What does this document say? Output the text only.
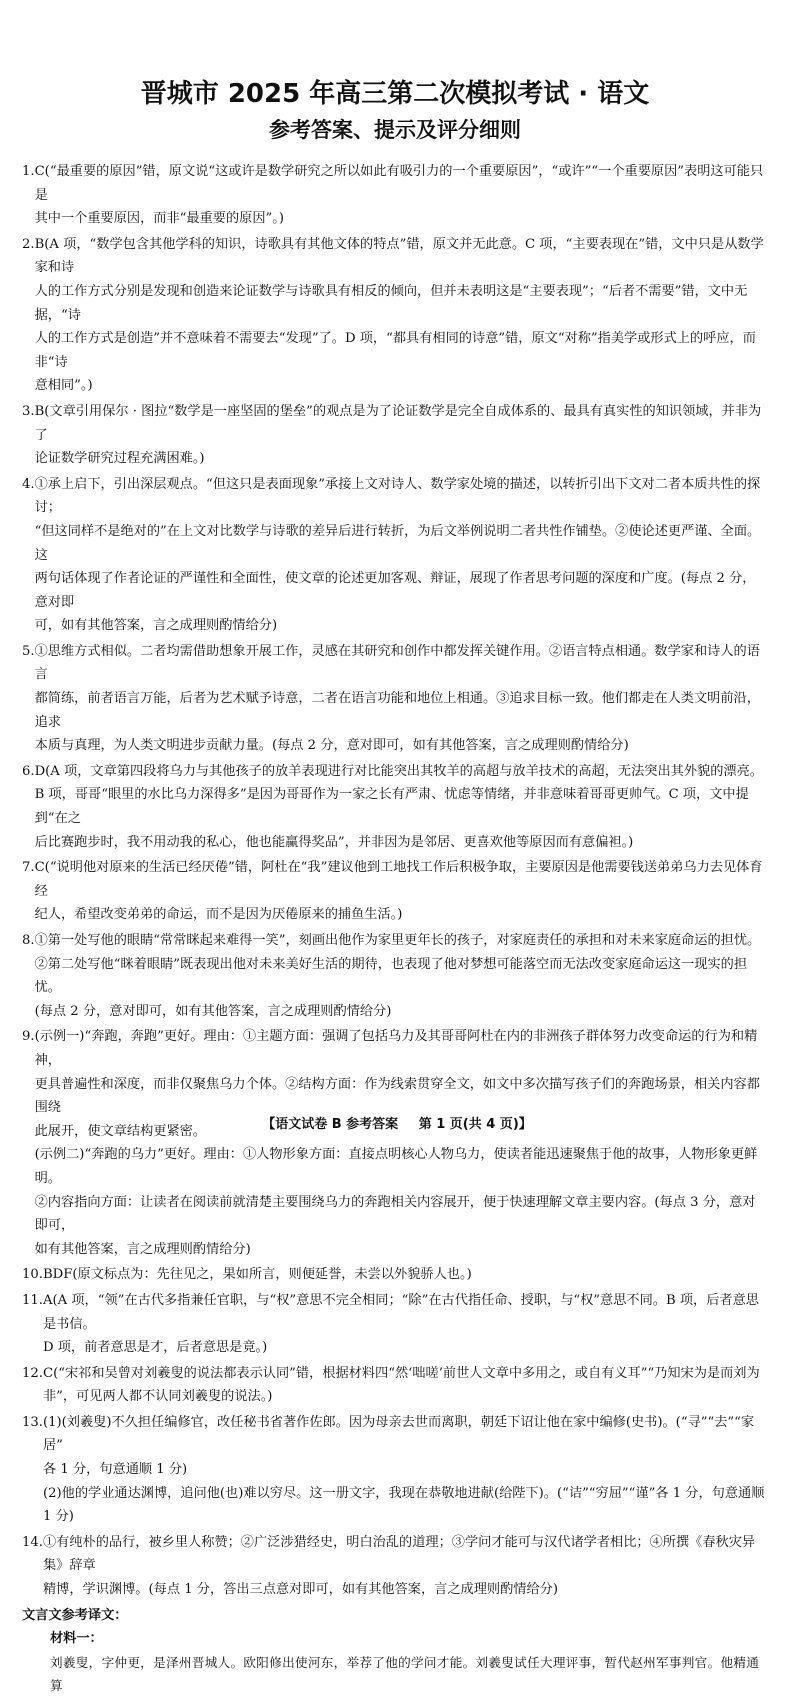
晋城市 2025 年高三第二次模拟考试 · 语文
参考答案、提示及评分细则
1. C(“最重要的原因”错，原文说“这或许是数学研究之所以如此有吸引力的一个重要原因”，“或许”“一个重要原因”表明这可能只是
其中一个重要原因，而非“最重要的原因”。)
2. B(A 项，“数学包含其他学科的知识，诗歌具有其他文体的特点”错，原文并无此意。C 项，“主要表现在”错，文中只是从数学家和诗
人的工作方式分别是发现和创造来论证数学与诗歌具有相反的倾向，但并未表明这是“主要表现”；“后者不需要”错，文中无据，“诗
人的工作方式是创造”并不意味着不需要去“发现”了。D 项，“都具有相同的诗意”错，原文“对称”指美学或形式上的呼应，而非“诗
意相同”。)
3. B(文章引用保尔 · 图拉“数学是一座坚固的堡垒”的观点是为了论证数学是完全自成体系的、最具有真实性的知识领域，并非为了
论证数学研究过程充满困难。)
4. ①承上启下，引出深层观点。“但这只是表面现象”承接上文对诗人、数学家处境的描述，以转折引出下文对二者本质共性的探讨；
“但这同样不是绝对的”在上文对比数学与诗歌的差异后进行转折，为后文举例说明二者共性作铺垫。②使论述更严谨、全面。这
两句话体现了作者论证的严谨性和全面性，使文章的论述更加客观、辩证，展现了作者思考问题的深度和广度。(每点 2 分，意对即
可，如有其他答案，言之成理则酌情给分)
5. ①思维方式相似。二者均需借助想象开展工作，灵感在其研究和创作中都发挥关键作用。②语言特点相通。数学家和诗人的语言
都简练，前者语言万能，后者为艺术赋予诗意，二者在语言功能和地位上相通。③追求目标一致。他们都走在人类文明前沿，追求
本质与真理，为人类文明进步贡献力量。(每点 2 分，意对即可，如有其他答案，言之成理则酌情给分)
6. D(A 项，文章第四段将乌力与其他孩子的放羊表现进行对比能突出其牧羊的高超与放羊技术的高超，无法突出其外貌的漂亮。
B 项，哥哥“眼里的水比乌力深得多”是因为哥哥作为一家之长有严肃、忧虑等情绪，并非意味着哥哥更帅气。C 项，文中提到“在之
后比赛跑步时，我不用动我的私心，他也能赢得奖品”，并非因为是邻居、更喜欢他等原因而有意偏袒。)
7. C(“说明他对原来的生活已经厌倦”错，阿杜在“我”建议他到工地找工作后积极争取，主要原因是他需要钱送弟弟乌力去见体育经
纪人，希望改变弟弟的命运，而不是因为厌倦原来的捕鱼生活。)
8. ①第一处写他的眼睛“常常眯起来难得一笑”，刻画出他作为家里更年长的孩子，对家庭责任的承担和对未来家庭命运的担忧。
②第二处写他“眯着眼睛”既表现出他对未来美好生活的期待，也表现了他对梦想可能落空而无法改变家庭命运这一现实的担忧。
(每点 2 分，意对即可，如有其他答案，言之成理则酌情给分)
9. (示例一)“奔跑，奔跑”更好。理由：①主题方面：强调了包括乌力及其哥哥阿杜在内的非洲孩子群体努力改变命运的行为和精神，
更具普遍性和深度，而非仅聚焦乌力个体。②结构方面：作为线索贯穿全文，如文中多次描写孩子们的奔跑场景，相关内容都围绕
此展开，使文章结构更紧密。
(示例二)“奔跑的乌力”更好。理由：①人物形象方面：直接点明核心人物乌力，使读者能迅速聚焦于他的故事，人物形象更鲜明。
②内容指向方面：让读者在阅读前就清楚主要围绕乌力的奔跑相关内容展开，便于快速理解文章主要内容。(每点 3 分，意对即可，
如有其他答案，言之成理则酌情给分)
10. BDF(原文标点为：先往见之，果如所言，则便延誉，未尝以外貌骄人也。)
11. A(A 项，“领”在古代多指兼任官职，与“权”意思不完全相同；“除”在古代指任命、授职，与“权”意思不同。B 项，后者意思是书信。
D 项，前者意思是才，后者意思是竟。)
12. C(“宋祁和吴曾对刘羲叟的说法都表示认同”错，根据材料四“然‘咄嗟’前世人文章中多用之，或自有义耳”“乃知宋为是而刘为
非”，可见两人都不认同刘羲叟的说法。)
13. (1)(刘羲叟)不久担任编修官，改任秘书省著作佐郎。因为母亲去世而离职，朝廷下诏让他在家中编修(史书)。(“寻”“去”“家居”
各 1 分，句意通顺 1 分)
(2)他的学业通达渊博，追问他(也)难以穷尽。这一册文字，我现在恭敬地进献(给陛下)。(“诘”“穷屈”“谨”各 1 分，句意通顺 1 分)
14. ①有纯朴的品行，被乡里人称赞；②广泛涉猎经史，明白治乱的道理；③学问才能可与汉代诸学者相比；④所撰《春秋灾异集》辞章
精博，学识渊博。(每点 1 分，答出三点意对即可，如有其他答案，言之成理则酌情给分)
文言文参考译文：
材料一：
刘羲叟，字仲更，是泽州晋城人。欧阳修出使河东，举荐了他的学问才能。刘羲叟试任大理评事，暂代赵州军事判官。他精通算
【语文试卷 B 参考答案 第 1 页(共 4 页)】
